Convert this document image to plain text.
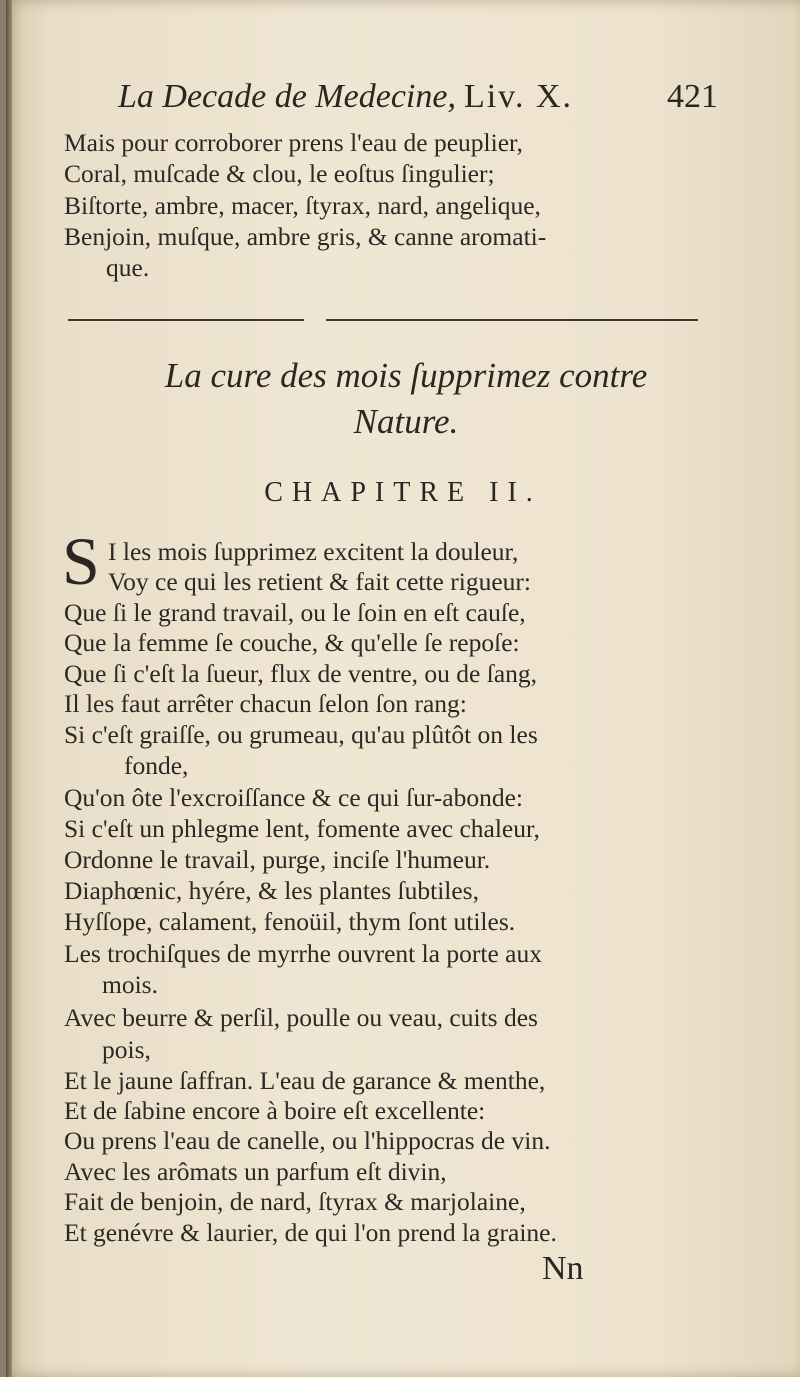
La Decade de Medecine, Liv. X.	421
Mais pour corroborer prens l'eau de peuplier,
Coral, muſcade & clou, le eoſtus ſingulier;
Biſtorte, ambre, macer, ſtyrax, nard, angelique,
Benjoin, muſque, ambre gris, & canne aromati-
que.
La cure des mois ſupprimez contre
Nature.
CHAPITRE II.
S I les mois ſupprimez excitent la douleur,
Voy ce qui les retient & fait cette rigueur:
Que ſi le grand travail, ou le ſoin en eſt cauſe,
Que la femme ſe couche, & qu'elle ſe repoſe:
Que ſi c'eſt la ſueur, flux de ventre, ou de ſang,
Il les faut arrêter chacun ſelon ſon rang:
Si c'eſt graiſſe, ou grumeau, qu'au plûtôt on les
fonde,
Qu'on ôte l'excroiſſance & ce qui ſur-abonde:
Si c'eſt un phlegme lent, fomente avec chaleur,
Ordonne le travail, purge, inciſe l'humeur.
Diaphœnic, hyére, & les plantes ſubtiles,
Hyſſope, calament, fenoüil, thym ſont utiles.
Les trochiſques de myrrhe ouvrent la porte aux
mois.
Avec beurre & perſil, poulle ou veau, cuits des
pois,
Et le jaune ſaffran. L'eau de garance & menthe,
Et de ſabine encore à boire eſt excellente:
Ou prens l'eau de canelle, ou l'hippocras de vin.
Avec les arômats un parfum eſt divin,
Fait de benjoin, de nard, ſtyrax & marjolaine,
Et genévre & laurier, de qui l'on prend la graine.
Nn
